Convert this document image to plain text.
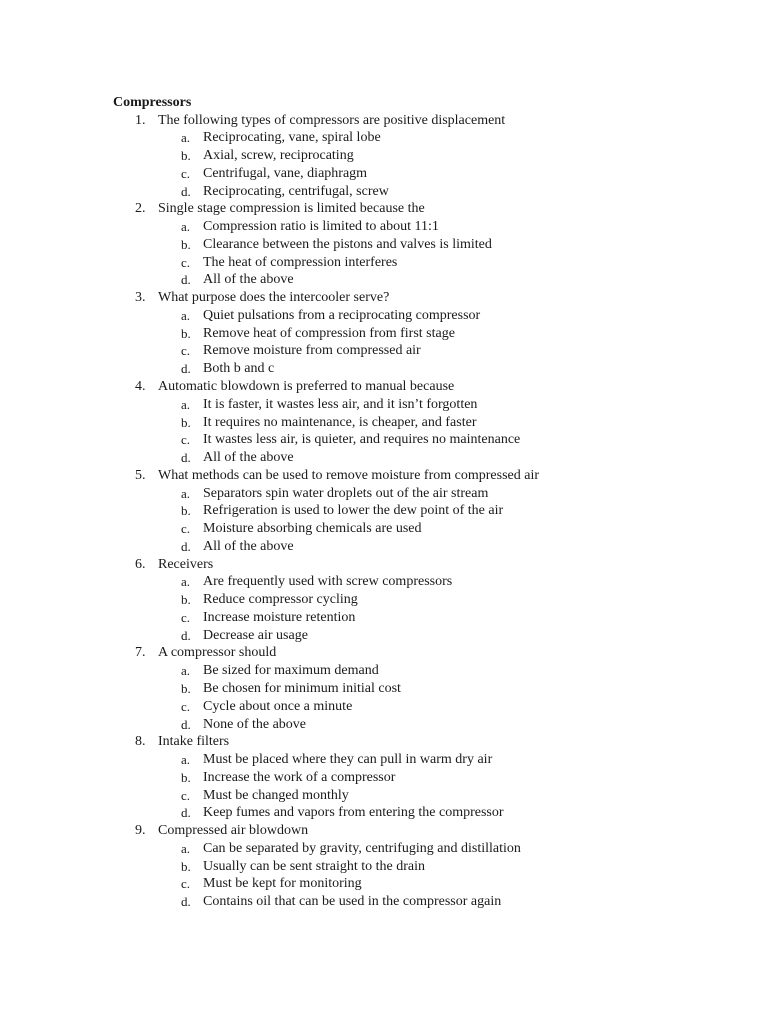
Compressors
1. The following types of compressors are positive displacement
a. Reciprocating, vane, spiral lobe
b. Axial, screw, reciprocating
c. Centrifugal, vane, diaphragm
d. Reciprocating, centrifugal, screw
2. Single stage compression is limited because the
a. Compression ratio is limited to about 11:1
b. Clearance between the pistons and valves is limited
c. The heat of compression interferes
d. All of the above
3. What purpose does the intercooler serve?
a. Quiet pulsations from a reciprocating compressor
b. Remove heat of compression from first stage
c. Remove moisture from compressed air
d. Both b and c
4. Automatic blowdown is preferred to manual because
a. It is faster, it wastes less air, and it isn’t forgotten
b. It requires no maintenance, is cheaper, and faster
c. It wastes less air, is quieter, and requires no maintenance
d. All of the above
5. What methods can be used to remove moisture from compressed air
a. Separators spin water droplets out of the air stream
b. Refrigeration is used to lower the dew point of the air
c. Moisture absorbing chemicals are used
d. All of the above
6. Receivers
a. Are frequently used with screw compressors
b. Reduce compressor cycling
c. Increase moisture retention
d. Decrease air usage
7. A compressor should
a. Be sized for maximum demand
b. Be chosen for minimum initial cost
c. Cycle about once a minute
d. None of the above
8. Intake filters
a. Must be placed where they can pull in warm dry air
b. Increase the work of a compressor
c. Must be changed monthly
d. Keep fumes and vapors from entering the compressor
9. Compressed air blowdown
a. Can be separated by gravity, centrifuging and distillation
b. Usually can be sent straight to the drain
c. Must be kept for monitoring
d. Contains oil that can be used in the compressor again
